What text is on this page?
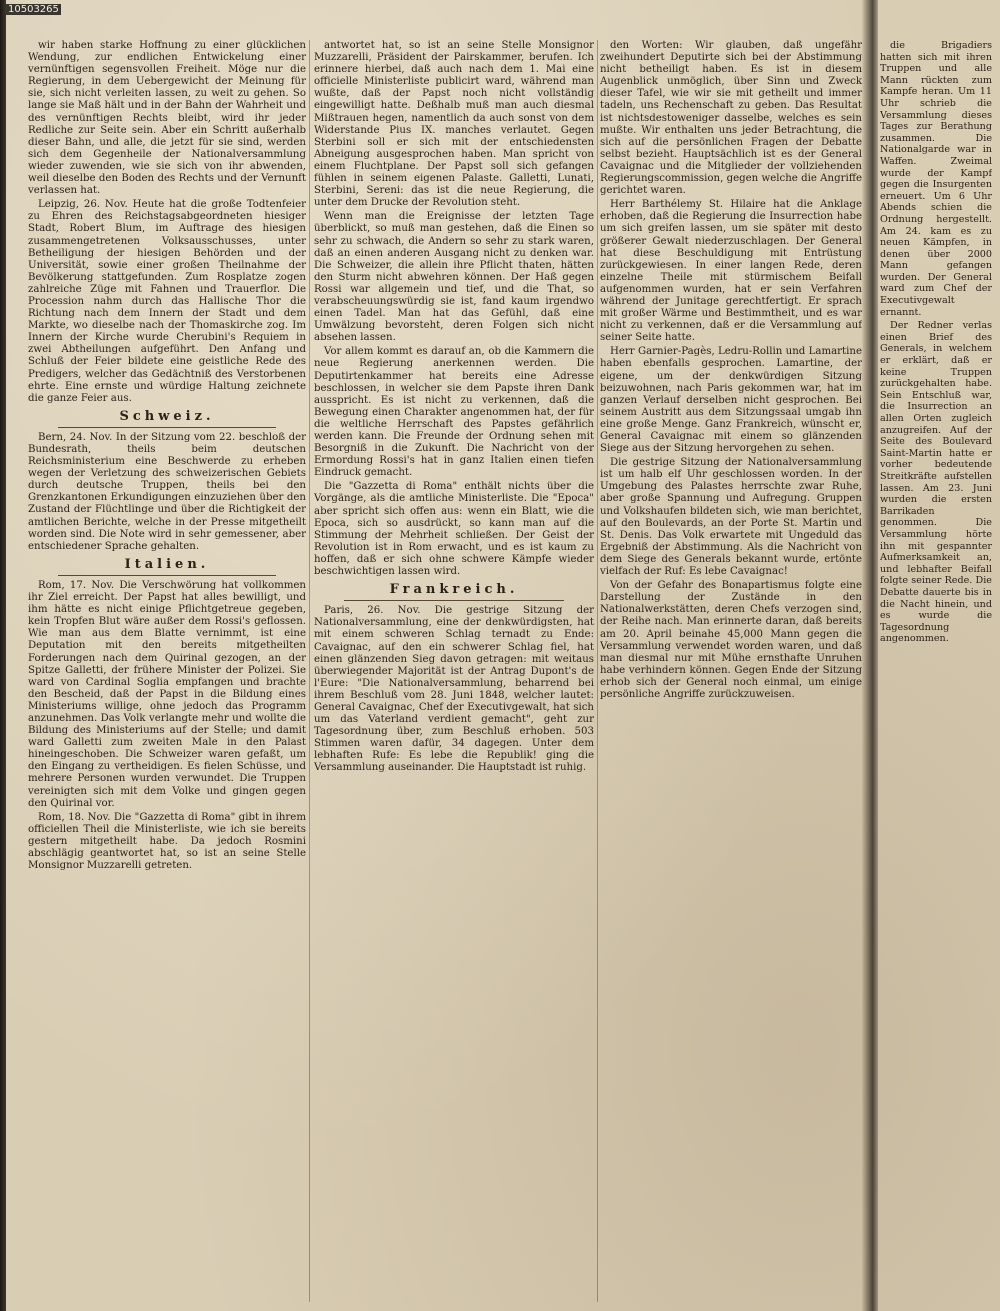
10503265

wir haben starke Hoffnung zu einer glücklichen Wendung, zur endlichen Entwickelung einer vernünftigen segensvollen Freiheit. Möge nur die Regierung, in dem Uebergewicht der Meinung für sie, sich nicht verleiten lassen, zu weit zu gehen. So lange sie Maß hält und in der Bahn der Wahrheit und des vernünftigen Rechts bleibt, wird ihr jeder Redliche zur Seite sein. Aber ein Schritt außerhalb dieser Bahn, und alle, die jetzt für sie sind, werden sich dem Gegenheile der Nationalversammlung wieder zuwenden, wie sie sich von ihr abwenden, weil dieselbe den Boden des Rechts und der Vernunft verlassen hat.

Leipzig, 26. Nov. Heute hat die große Todtenfeier zu Ehren des Reichstagsabgeordneten hiesiger Stadt, Robert Blum, im Auftrage des hiesigen zusammengetretenen Volksausschusses, unter Betheiligung der hiesigen Behörden und der Universität, sowie einer großen Theilnahme der Bevölkerung stattgefunden. Zum Rosplatze zogen zahlreiche Züge mit Fahnen und Trauerflor. Die Procession nahm durch das Hallische Thor die Richtung nach dem Innern der Stadt und dem Markte, wo dieselbe nach der Thomaskirche zog. Im Innern der Kirche wurde Cherubini's Requiem in zwei Abtheilungen aufgeführt. Den Anfang und Schluß der Feier bildete eine geistliche Rede des Predigers, welcher das Gedächtniß des Verstorbenen ehrte. Eine ernste und würdige Haltung zeichnete die ganze Feier aus.

Schweiz.

Bern, 24. Nov. In der Sitzung vom 22. beschloß der Bundesrath, theils beim deutschen Reichsministerium eine Beschwerde zu erheben wegen der Verletzung des schweizerischen Gebiets durch deutsche Truppen, theils bei den Grenzkantonen Erkundigungen einzuziehen über den Zustand der Flüchtlinge und über die Richtigkeit der amtlichen Berichte, welche in der Presse mitgetheilt worden sind. Die Note wird in sehr gemessener, aber entschiedener Sprache gehalten.

Italien.

Rom, 17. Nov. Die Verschwörung hat vollkommen ihr Ziel erreicht. Der Papst hat alles bewilligt, und ihm hätte es nicht einige Pflichtgetreue gegeben, kein Tropfen Blut wäre außer dem Rossi's geflossen. Wie man aus dem Blatte vernimmt, ist eine Deputation mit den bereits mitgetheilten Forderungen nach dem Quirinal gezogen, an der Spitze Galletti, der frühere Minister der Polizei. Sie ward von Cardinal Soglia empfangen und brachte den Bescheid, daß der Papst in die Bildung eines Ministeriums willige, ohne jedoch das Programm anzunehmen. Das Volk verlangte mehr und wollte die Bildung des Ministeriums auf der Stelle; und damit ward Galletti zum zweiten Male in den Palast hineingeschoben. Die Schweizer waren gefaßt, um den Eingang zu vertheidigen. Es fielen Schüsse, und mehrere Personen wurden verwundet. Die Truppen vereinigten sich mit dem Volke und gingen gegen den Quirinal vor.

Rom, 18. Nov. Die "Gazzetta di Roma" gibt in ihrem officiellen Theil die Ministerliste, wie ich sie bereits gestern mitgetheilt habe. Da jedoch Rosmini abschlägig geantwortet hat, so ist an seine Stelle Monsignor Muzzarelli getreten.

antwortet hat, so ist an seine Stelle Monsignor Muzzarelli, Präsident der Pairskammer, berufen. Ich erinnere hierbei, daß auch nach dem 1. Mai eine officielle Ministerliste publicirt ward, während man wußte, daß der Papst noch nicht vollständig eingewilligt hatte. Deßhalb muß man auch diesmal Mißtrauen hegen, namentlich da auch sonst von dem Widerstande Pius IX. manches verlautet. Gegen Sterbini soll er sich mit der entschiedensten Abneigung ausgesprochen haben. Man spricht von einem Fluchtplane. Der Papst soll sich gefangen fühlen in seinem eigenen Palaste. Galletti, Lunati, Sterbini, Sereni: das ist die neue Regierung, die unter dem Drucke der Revolution steht.

Wenn man die Ereignisse der letzten Tage überblickt, so muß man gestehen, daß die Einen so sehr zu schwach, die Andern so sehr zu stark waren, daß an einen anderen Ausgang nicht zu denken war. Die Schweizer, die allein ihre Pflicht thaten, hätten den Sturm nicht abwehren können. Der Haß gegen Rossi war allgemein und tief, und die That, so verabscheuungswürdig sie ist, fand kaum irgendwo einen Tadel. Man hat das Gefühl, daß eine Umwälzung bevorsteht, deren Folgen sich nicht absehen lassen.

Vor allem kommt es darauf an, ob die Kammern die neue Regierung anerkennen werden. Die Deputirtenkammer hat bereits eine Adresse beschlossen, in welcher sie dem Papste ihren Dank ausspricht. Es ist nicht zu verkennen, daß die Bewegung einen Charakter angenommen hat, der für die weltliche Herrschaft des Papstes gefährlich werden kann. Die Freunde der Ordnung sehen mit Besorgniß in die Zukunft. Die Nachricht von der Ermordung Rossi's hat in ganz Italien einen tiefen Eindruck gemacht.

Die "Gazzetta di Roma" enthält nichts über die Vorgänge, als die amtliche Ministerliste. Die "Epoca" aber spricht sich offen aus: wenn ein Blatt, wie die Epoca, sich so ausdrückt, so kann man auf die Stimmung der Mehrheit schließen. Der Geist der Revolution ist in Rom erwacht, und es ist kaum zu hoffen, daß er sich ohne schwere Kämpfe wieder beschwichtigen lassen wird.

Frankreich.

Paris, 26. Nov. Die gestrige Sitzung der Nationalversammlung, eine der denkwürdigsten, hat mit einem schweren Schlag ternadt zu Ende: Cavaignac, auf den ein schwerer Schlag fiel, hat einen glänzenden Sieg davon getragen: mit weitaus überwiegender Majorität ist der Antrag Dupont's de l'Eure: "Die Nationalversammlung, beharrend bei ihrem Beschluß vom 28. Juni 1848, welcher lautet: General Cavaignac, Chef der Executivgewalt, hat sich um das Vaterland verdient gemacht", geht zur Tagesordnung über, zum Beschluß erhoben. 503 Stimmen waren dafür, 34 dagegen. Unter dem lebhaften Rufe: Es lebe die Republik! ging die Versammlung auseinander. Die Hauptstadt ist ruhig.

den Worten: Wir glauben, daß ungefähr zweihundert Deputirte sich bei der Abstimmung nicht betheiligt haben. Es ist in diesem Augenblick unmöglich, über Sinn und Zweck dieser Tafel, wie wir sie mit getheilt und immer tadeln, uns Rechenschaft zu geben. Das Resultat ist nichtsdestoweniger dasselbe, welches es sein mußte. Wir enthalten uns jeder Betrachtung, die sich auf die persönlichen Fragen der Debatte selbst bezieht. Hauptsächlich ist es der General Cavaignac und die Mitglieder der vollziehenden Regierungscommission, gegen welche die Angriffe gerichtet waren.

Herr Barthélemy St. Hilaire hat die Anklage erhoben, daß die Regierung die Insurrection habe um sich greifen lassen, um sie später mit desto größerer Gewalt niederzuschlagen. Der General hat diese Beschuldigung mit Entrüstung zurückgewiesen. In einer langen Rede, deren einzelne Theile mit stürmischem Beifall aufgenommen wurden, hat er sein Verfahren während der Junitage gerechtfertigt. Er sprach mit großer Wärme und Bestimmtheit, und es war nicht zu verkennen, daß er die Versammlung auf seiner Seite hatte.

Herr Garnier-Pagès, Ledru-Rollin und Lamartine haben ebenfalls gesprochen. Lamartine, der eigene, um der denkwürdigen Sitzung beizuwohnen, nach Paris gekommen war, hat im ganzen Verlauf derselben nicht gesprochen. Bei seinem Austritt aus dem Sitzungssaal umgab ihn eine große Menge. Ganz Frankreich, wünscht er, General Cavaignac mit einem so glänzenden Siege aus der Sitzung hervorgehen zu sehen.

Die gestrige Sitzung der Nationalversammlung ist um halb elf Uhr geschlossen worden. In der Umgebung des Palastes herrschte zwar Ruhe, aber große Spannung und Aufregung. Gruppen und Volkshaufen bildeten sich, wie man berichtet, auf den Boulevards, an der Porte St. Martin und St. Denis. Das Volk erwartete mit Ungeduld das Ergebniß der Abstimmung. Als die Nachricht von dem Siege des Generals bekannt wurde, ertönte vielfach der Ruf: Es lebe Cavaignac!

Von der Gefahr des Bonapartismus folgte eine Darstellung der Zustände in den Nationalwerkstätten, deren Chefs verzogen sind, der Reihe nach. Man erinnerte daran, daß bereits am 20. April beinahe 45,000 Mann gegen die Versammlung verwendet worden waren, und daß man diesmal nur mit Mühe ernsthafte Unruhen habe verhindern können. Gegen Ende der Sitzung erhob sich der General noch einmal, um einige persönliche Angriffe zurückzuweisen.

die Brigadiers hatten sich mit ihren Truppen und alle Mann rückten zum Kampfe heran. Um 11 Uhr schrieb die Versammlung dieses Tages zur Berathung zusammen. Die Nationalgarde war in Waffen. Zweimal wurde der Kampf gegen die Insurgenten erneuert. Um 6 Uhr Abends schien die Ordnung hergestellt. Am 24. kam es zu neuen Kämpfen, in denen über 2000 Mann gefangen wurden. Der General ward zum Chef der Executivgewalt ernannt.

Der Redner verlas einen Brief des Generals, in welchem er erklärt, daß er keine Truppen zurückgehalten habe. Sein Entschluß war, die Insurrection an allen Orten zugleich anzugreifen. Auf der Seite des Boulevard Saint-Martin hatte er vorher bedeutende Streitkräfte aufstellen lassen. Am 23. Juni wurden die ersten Barrikaden genommen. Die Versammlung hörte ihn mit gespannter Aufmerksamkeit an, und lebhafter Beifall folgte seiner Rede. Die Debatte dauerte bis in die Nacht hinein, und es wurde die Tagesordnung angenommen.
